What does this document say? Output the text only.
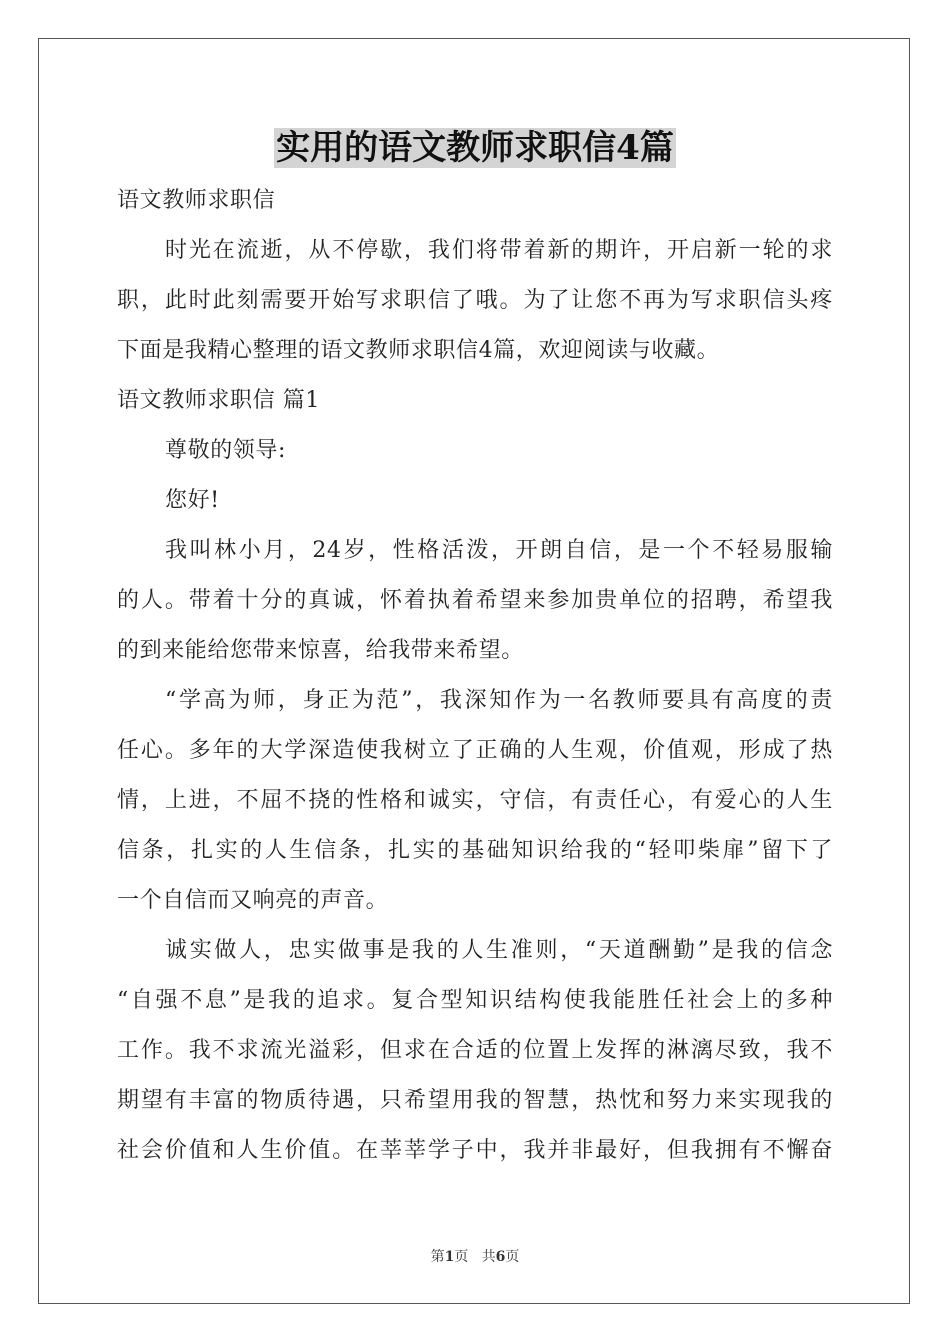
实用的语文教师求职信4篇
语文教师求职信
时光在流逝，从不停歇，我们将带着新的期许，开启新一轮的求
职，此时此刻需要开始写求职信了哦。为了让您不再为写求职信头疼
下面是我精心整理的语文教师求职信4篇，欢迎阅读与收藏。
语文教师求职信 篇1
尊敬的领导:
您好!
我叫林小月，24岁，性格活泼，开朗自信，是一个不轻易服输
的人。带着十分的真诚，怀着执着希望来参加贵单位的招聘，希望我
的到来能给您带来惊喜，给我带来希望。
“学高为师，身正为范”，我深知作为一名教师要具有高度的责
任心。多年的大学深造使我树立了正确的人生观，价值观，形成了热
情，上进，不屈不挠的性格和诚实，守信，有责任心，有爱心的人生
信条，扎实的人生信条，扎实的基础知识给我的“轻叩柴扉”留下了
一个自信而又响亮的声音。
诚实做人，忠实做事是我的人生准则，“天道酬勤”是我的信念
“自强不息”是我的追求。复合型知识结构使我能胜任社会上的多种
工作。我不求流光溢彩，但求在合适的位置上发挥的淋漓尽致，我不
期望有丰富的物质待遇，只希望用我的智慧，热忱和努力来实现我的
社会价值和人生价值。在莘莘学子中，我并非最好，但我拥有不懈奋
第1页 共6页
